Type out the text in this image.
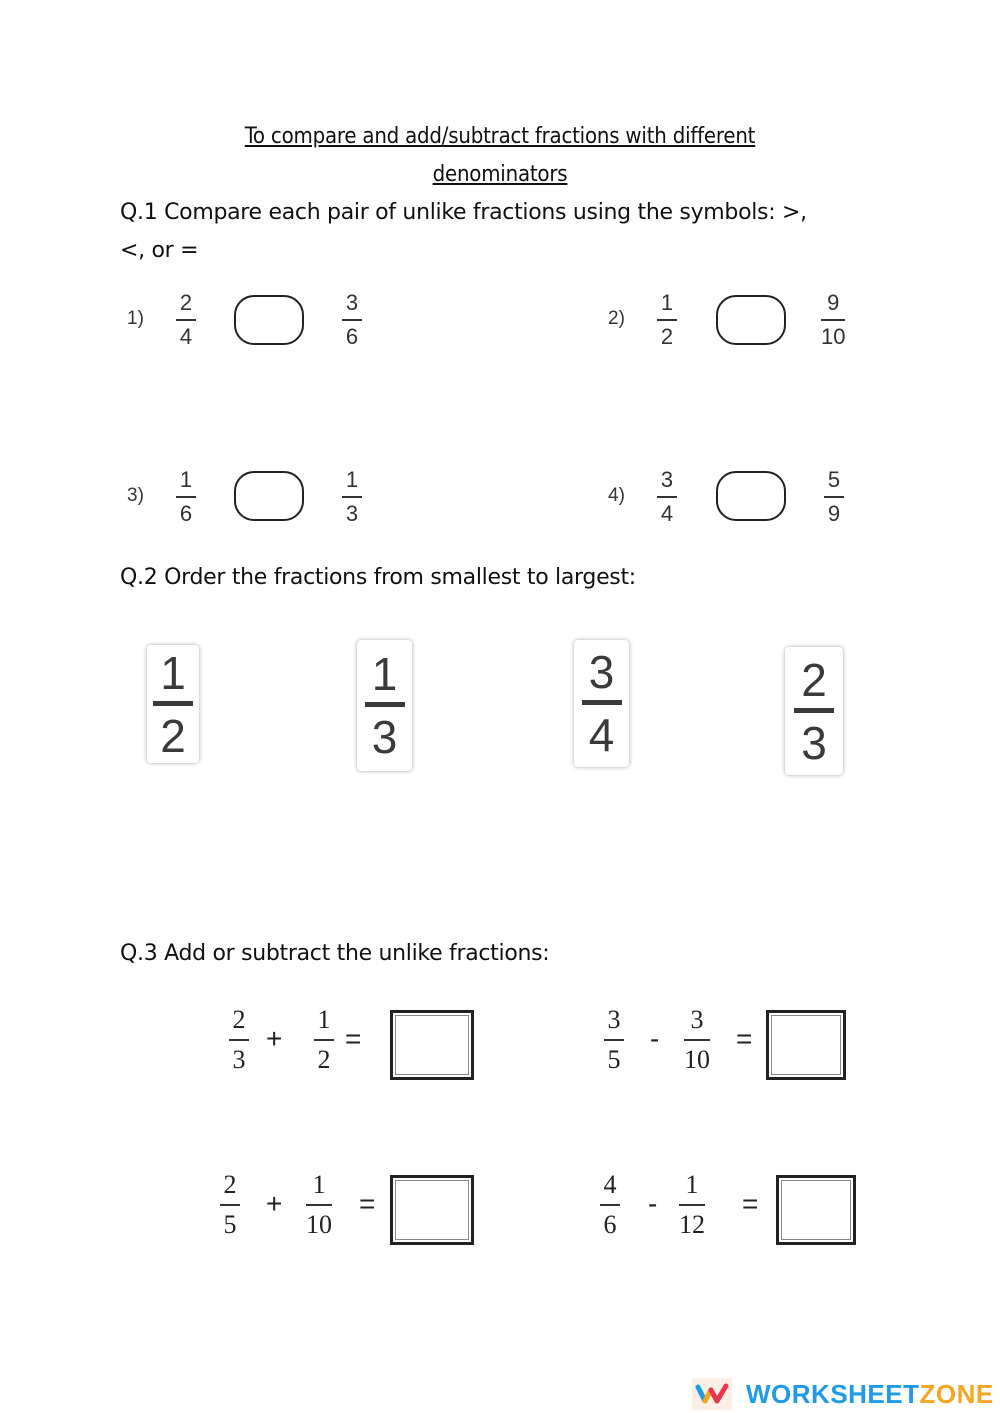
To compare and add/subtract fractions with different
denominators
Q.1 Compare each pair of unlike fractions using the symbols: >,
<, or =
1)
2
4
3
6
2)
1
2
9
10
3)
1
6
1
3
4)
3
4
5
9
Q.2 Order the fractions from smallest to largest:
1
2
1
3
3
4
2
3
Q.3 Add or subtract the unlike fractions:
2
3
+
1
2
=
3
5
-
3
10
=
2
5
+
1
10
=
4
6
-
1
12
=
WORKSHEETZONE
